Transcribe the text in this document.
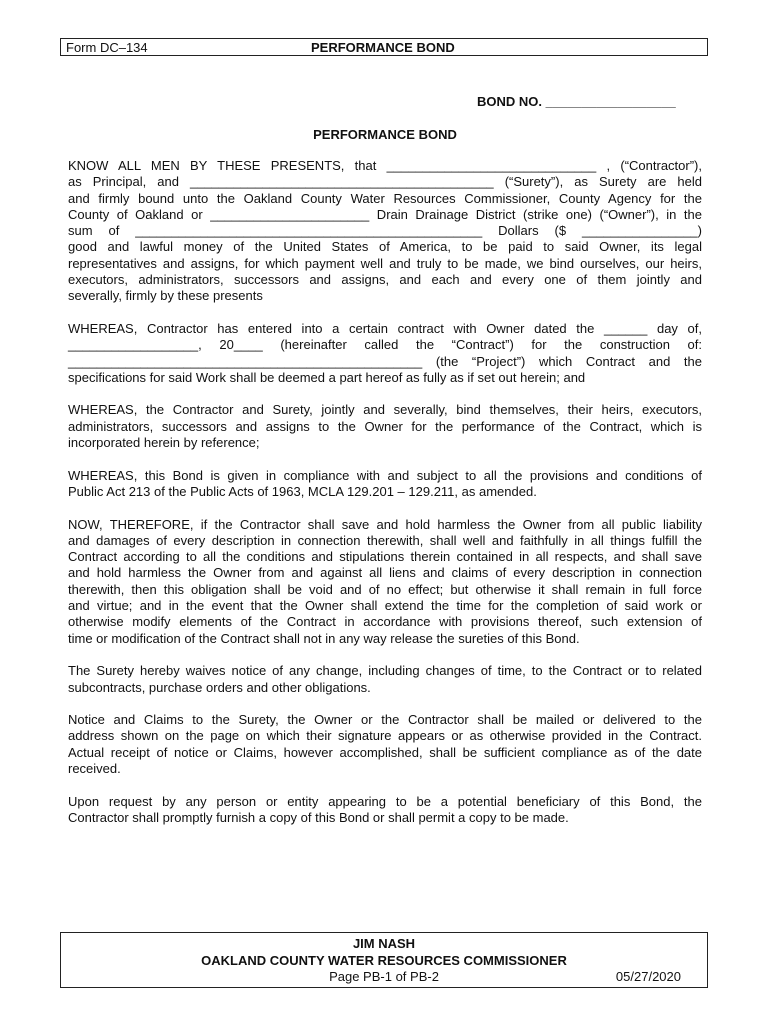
Form DC–134	PERFORMANCE BOND
BOND NO. __________________
PERFORMANCE BOND

KNOW ALL MEN BY THESE PRESENTS, that _____________________________ , (“Contractor”),
as Principal, and __________________________________________ (“Surety”), as Surety are held
and firmly bound unto the Oakland County Water Resources Commissioner, County Agency for the
County of Oakland or ______________________ Drain Drainage District (strike one) (“Owner”), in the
sum of ________________________________________________ Dollars ($ ________________)
good and lawful money of the United States of America, to be paid to said Owner, its legal
representatives and assigns, for which payment well and truly to be made, we bind ourselves, our heirs,
executors, administrators, successors and assigns, and each and every one of them jointly and
severally, firmly by these presents

WHEREAS, Contractor has entered into a certain contract with Owner dated the ______ day of,
__________________, 20____ (hereinafter called the “Contract”) for the construction of:
_________________________________________________ (the “Project”) which Contract and the
specifications for said Work shall be deemed a part hereof as fully as if set out herein; and

WHEREAS, the Contractor and Surety, jointly and severally, bind themselves, their heirs, executors,
administrators, successors and assigns to the Owner for the performance of the Contract, which is
incorporated herein by reference;

WHEREAS, this Bond is given in compliance with and subject to all the provisions and conditions of
Public Act 213 of the Public Acts of 1963, MCLA 129.201 – 129.211, as amended.

NOW, THEREFORE, if the Contractor shall save and hold harmless the Owner from all public liability
and damages of every description in connection therewith, shall well and faithfully in all things fulfill the
Contract according to all the conditions and stipulations therein contained in all respects, and shall save
and hold harmless the Owner from and against all liens and claims of every description in connection
therewith, then this obligation shall be void and of no effect; but otherwise it shall remain in full force
and virtue; and in the event that the Owner shall extend the time for the completion of said work or
otherwise modify elements of the Contract in accordance with provisions thereof, such extension of
time or modification of the Contract shall not in any way release the sureties of this Bond.

The Surety hereby waives notice of any change, including changes of time, to the Contract or to related
subcontracts, purchase orders and other obligations.

Notice and Claims to the Surety, the Owner or the Contractor shall be mailed or delivered to the
address shown on the page on which their signature appears or as otherwise provided in the Contract.
Actual receipt of notice or Claims, however accomplished, shall be sufficient compliance as of the date
received.

Upon request by any person or entity appearing to be a potential beneficiary of this Bond, the
Contractor shall promptly furnish a copy of this Bond or shall permit a copy to be made.

JIM NASH
OAKLAND COUNTY WATER RESOURCES COMMISSIONER
Page PB-1 of PB-2	05/27/2020
